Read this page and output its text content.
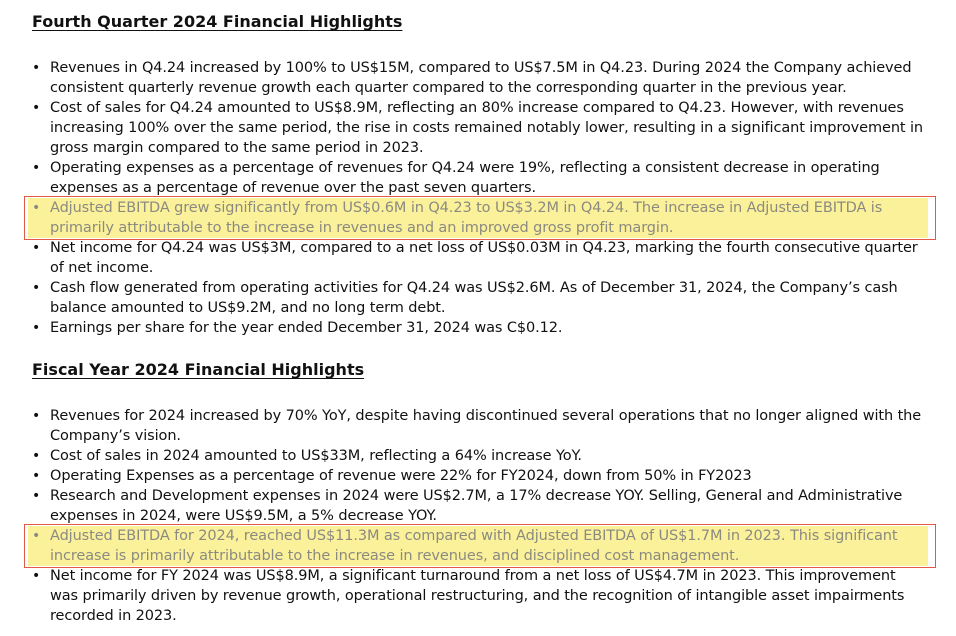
Fourth Quarter 2024 Financial Highlights
• Revenues in Q4.24 increased by 100% to US$15M, compared to US$7.5M in Q4.23. During 2024 the Company achieved consistent quarterly revenue growth each quarter compared to the corresponding quarter in the previous year.
• Cost of sales for Q4.24 amounted to US$8.9M, reflecting an 80% increase compared to Q4.23. However, with revenues increasing 100% over the same period, the rise in costs remained notably lower, resulting in a significant improvement in gross margin compared to the same period in 2023.
• Operating expenses as a percentage of revenues for Q4.24 were 19%, reflecting a consistent decrease in operating expenses as a percentage of revenue over the past seven quarters.
• Adjusted EBITDA grew significantly from US$0.6M in Q4.23 to US$3.2M in Q4.24. The increase in Adjusted EBITDA is primarily attributable to the increase in revenues and an improved gross profit margin.
• Net income for Q4.24 was US$3M, compared to a net loss of US$0.03M in Q4.23, marking the fourth consecutive quarter of net income.
• Cash flow generated from operating activities for Q4.24 was US$2.6M. As of December 31, 2024, the Company’s cash balance amounted to US$9.2M, and no long term debt.
• Earnings per share for the year ended December 31, 2024 was C$0.12.
Fiscal Year 2024 Financial Highlights
• Revenues for 2024 increased by 70% YoY, despite having discontinued several operations that no longer aligned with the Company’s vision.
• Cost of sales in 2024 amounted to US$33M, reflecting a 64% increase YoY.
• Operating Expenses as a percentage of revenue were 22% for FY2024, down from 50% in FY2023
• Research and Development expenses in 2024 were US$2.7M, a 17% decrease YOY. Selling, General and Administrative expenses in 2024, were US$9.5M, a 5% decrease YOY.
• Adjusted EBITDA for 2024, reached US$11.3M as compared with Adjusted EBITDA of US$1.7M in 2023. This significant increase is primarily attributable to the increase in revenues, and disciplined cost management.
• Net income for FY 2024 was US$8.9M, a significant turnaround from a net loss of US$4.7M in 2023. This improvement was primarily driven by revenue growth, operational restructuring, and the recognition of intangible asset impairments recorded in 2023.
